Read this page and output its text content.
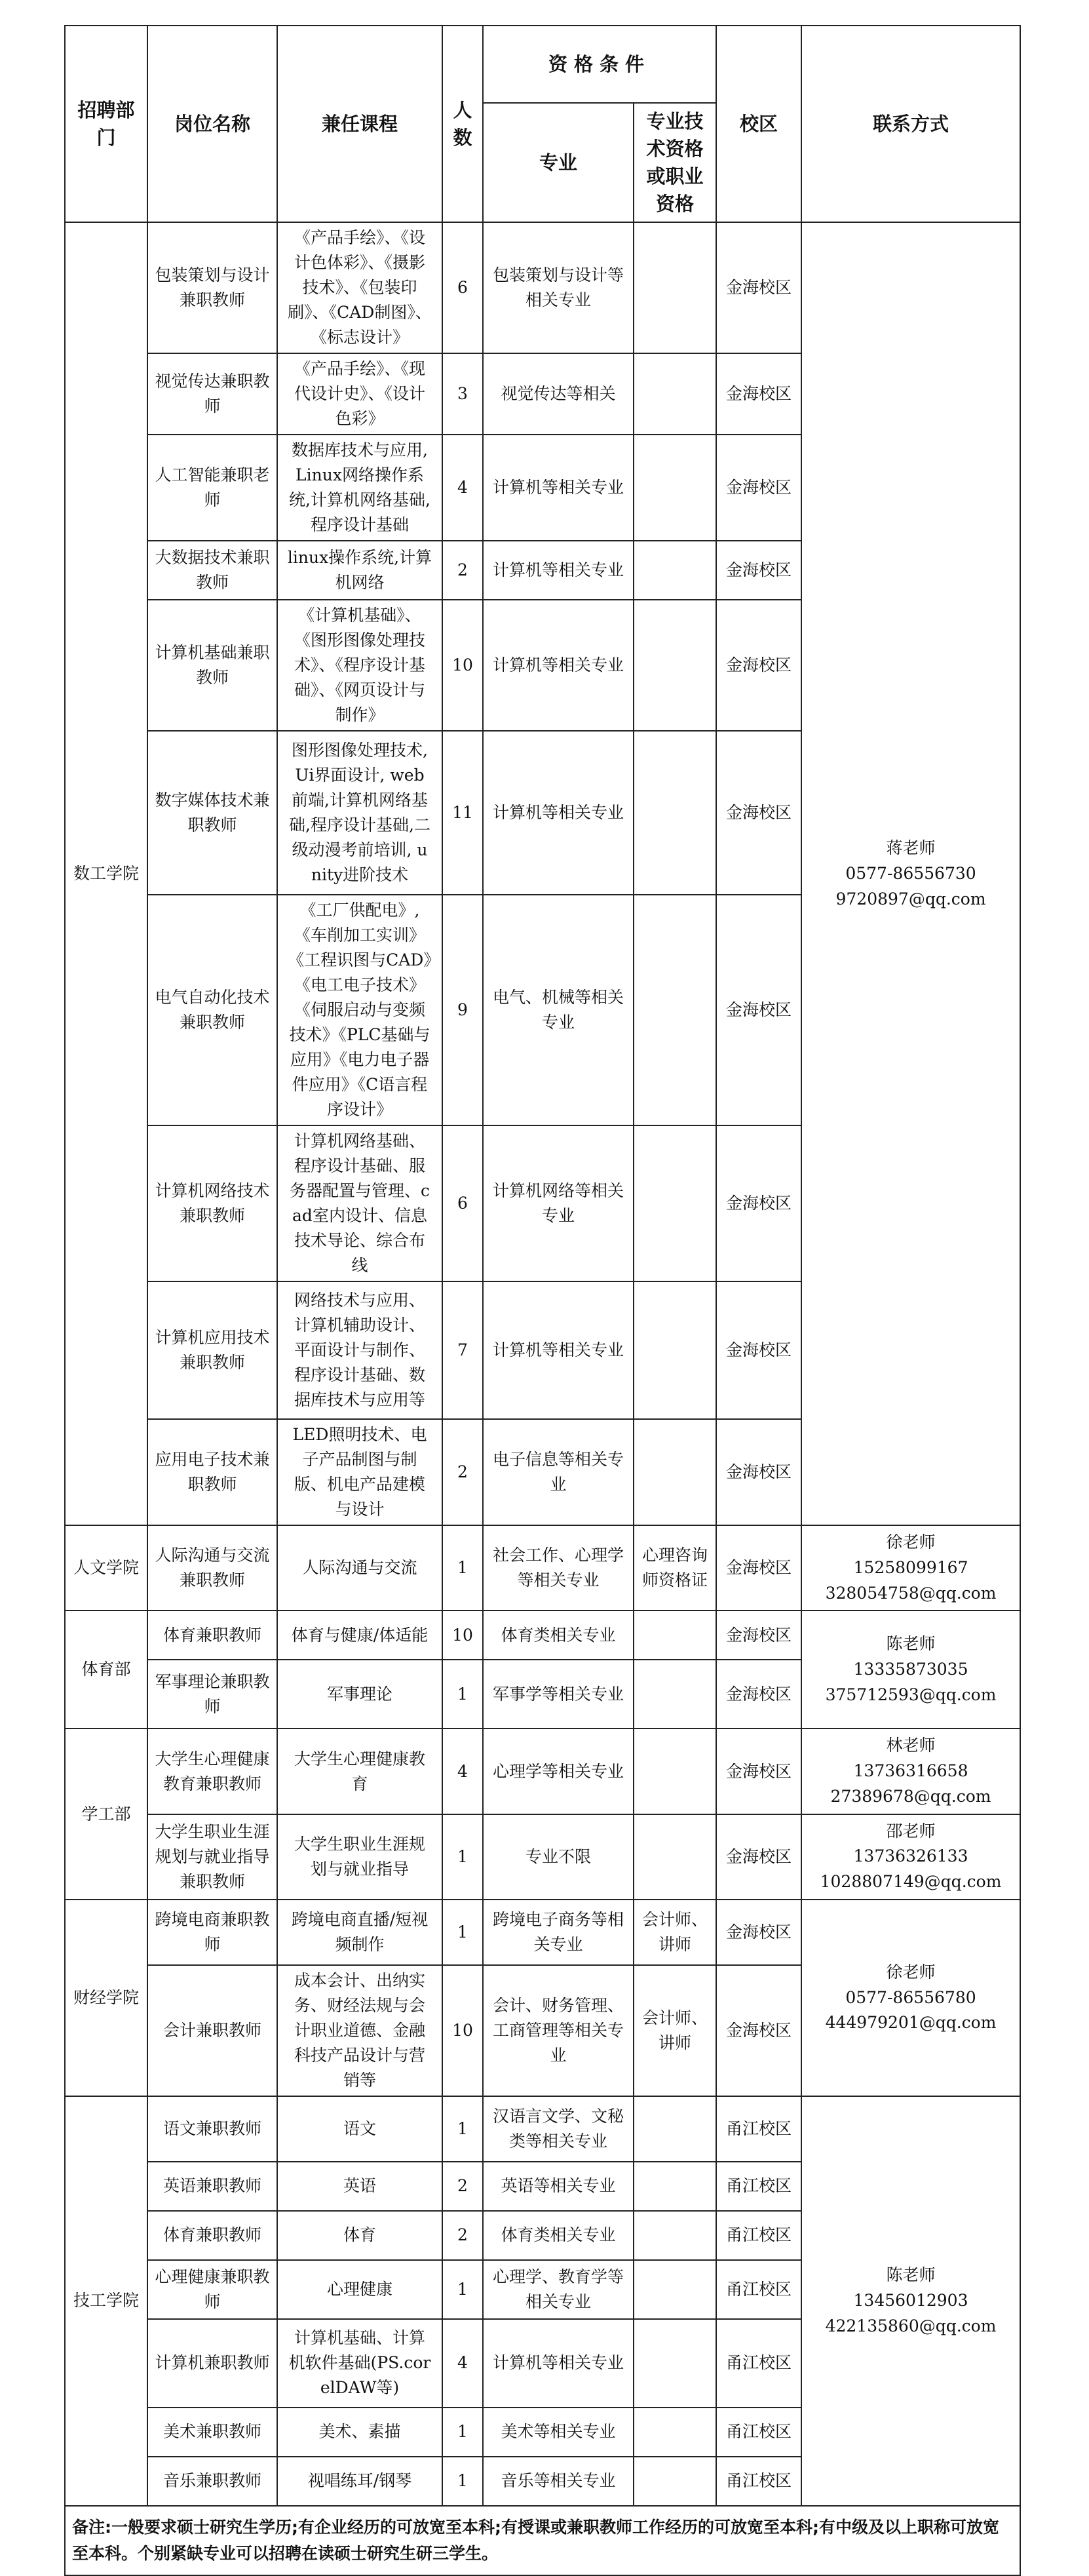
招聘部门	岗位名称	兼任课程	人数	资格条件		校区	联系方式
				专业	专业技术资格或职业资格		
数工学院	包装策划与设计兼职教师	《产品手绘》、《设计色体彩》、《摄影技术》、《包装印刷》、《CAD制图》、《标志设计》	6	包装策划与设计等相关专业		金海校区	蒋老师
0577-86556730
9720897@qq.com

	视觉传达兼职教师	《产品手绘》、《现代设计史》、《设计色彩》	3	视觉传达等相关		金海校区	
	人工智能兼职老师	数据库技术与应用,Linux网络操作系统,计算机网络基础,程序设计基础	4	计算机等相关专业		金海校区	
	大数据技术兼职教师	linux操作系统,计算机网络	2	计算机等相关专业		金海校区	
	计算机基础兼职教师	《计算机基础》、《图形图像处理技术》、《程序设计基础》、《网页设计与制作》	10	计算机等相关专业		金海校区	
	数字媒体技术兼职教师	图形图像处理技术,Ui界面设计, web前端,计算机网络基础,程序设计基础,二级动漫考前培训, unity进阶技术	11	计算机等相关专业		金海校区	
	电气自动化技术兼职教师	《工厂供配电》,《车削加工实训》《工程识图与CAD》《电工电子技术》《伺服启动与变频技术》《PLC基础与应用》《电力电子器件应用》《C语言程序设计》	9	电气、机械等相关专业		金海校区	
	计算机网络技术兼职教师	计算机网络基础、程序设计基础、服务器配置与管理、cad室内设计、信息技术导论、综合布线	6	计算机网络等相关专业		金海校区	
	计算机应用技术兼职教师	网络技术与应用、计算机辅助设计、平面设计与制作、程序设计基础、数据库技术与应用等	7	计算机等相关专业		金海校区	
	应用电子技术兼职教师	LED照明技术、电子产品制图与制版、机电产品建模与设计	2	电子信息等相关专业		金海校区	
人文学院	人际沟通与交流兼职教师	人际沟通与交流	1	社会工作、心理学等相关专业	心理咨询师资格证	金海校区	徐老师
15258099167
328054758@qq.com

体育部	体育兼职教师	体育与健康/体适能	10	体育类相关专业		金海校区	陈老师
13335873035
375712593@qq.com

	军事理论兼职教师	军事理论	1	军事学等相关专业		金海校区	
学工部	大学生心理健康教育兼职教师	大学生心理健康教育	4	心理学等相关专业		金海校区	林老师
13736316658
27389678@qq.com

	大学生职业生涯规划与就业指导兼职教师	大学生职业生涯规划与就业指导	1	专业不限		金海校区	邵老师
13736326133
1028807149@qq.com

财经学院	跨境电商兼职教师	跨境电商直播/短视频制作	1	跨境电子商务等相关专业	会计师、讲师	金海校区	徐老师
0577-86556780
444979201@qq.com

	会计兼职教师	成本会计、出纳实务、财经法规与会计职业道德、金融科技产品设计与营销等	10	会计、财务管理、工商管理等相关专业	会计师、讲师	金海校区	
技工学院	语文兼职教师	语文	1	汉语言文学、文秘类等相关专业		甬江校区	陈老师
13456012903
422135860@qq.com

	英语兼职教师	英语	2	英语等相关专业		甬江校区	
	体育兼职教师	体育	2	体育类相关专业		甬江校区	
	心理健康兼职教师	心理健康	1	心理学、教育学等相关专业		甬江校区	
	计算机兼职教师	计算机基础、计算机软件基础(PS.corelDAW等)	4	计算机等相关专业		甬江校区	
	美术兼职教师	美术、素描	1	美术等相关专业		甬江校区	
	音乐兼职教师	视唱练耳/钢琴	1	音乐等相关专业		甬江校区	
备注:一般要求硕士研究生学历;有企业经历的可放宽至本科;有授课或兼职教师工作经历的可放宽至本科;有中级及以上职称可放宽至本科。个别紧缺专业可以招聘在读硕士研究生研三学生。							
